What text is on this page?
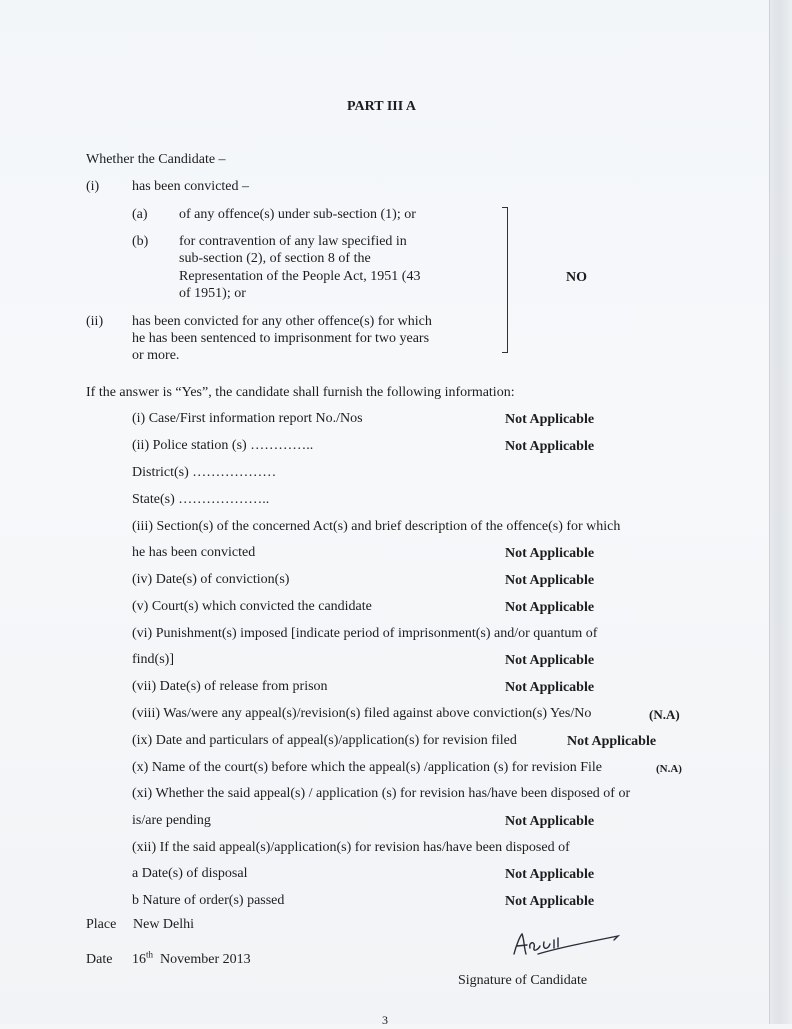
PART III A
Whether the Candidate –
(i) has been convicted –
(a) of any offence(s) under sub-section (1); or
(b) for contravention of any law specified in
sub-section (2), of section 8 of the
Representation of the People Act, 1951 (43
of 1951); or
(ii) has been convicted for any other offence(s) for which
he has been sentenced to imprisonment for two years
or more.
NO
If the answer is “Yes”, the candidate shall furnish the following information:
(i) Case/First information report No./Nos	Not Applicable
(ii) Police station (s) …………..	Not Applicable
District(s) ………………
State(s) ………………..
(iii) Section(s) of the concerned Act(s) and brief description of the offence(s) for which
he has been convicted	Not Applicable
(iv) Date(s) of conviction(s)	Not Applicable
(v) Court(s) which convicted the candidate	Not Applicable
(vi) Punishment(s) imposed [indicate period of imprisonment(s) and/or quantum of
find(s)]	Not Applicable
(vii) Date(s) of release from prison	Not Applicable
(viii) Was/were any appeal(s)/revision(s) filed against above conviction(s) Yes/No	(N.A)
(ix) Date and particulars of appeal(s)/application(s) for revision filed	Not Applicable
(x) Name of the court(s) before which the appeal(s) /application (s) for revision File	(N.A)
(xi) Whether the said appeal(s) / application (s) for revision has/have been disposed of or
is/are pending	Not Applicable
(xii) If the said appeal(s)/application(s) for revision has/have been disposed of
a Date(s) of disposal	Not Applicable
b Nature of order(s) passed	Not Applicable
Place New Delhi
Date 16th November 2013
Signature of Candidate
3
